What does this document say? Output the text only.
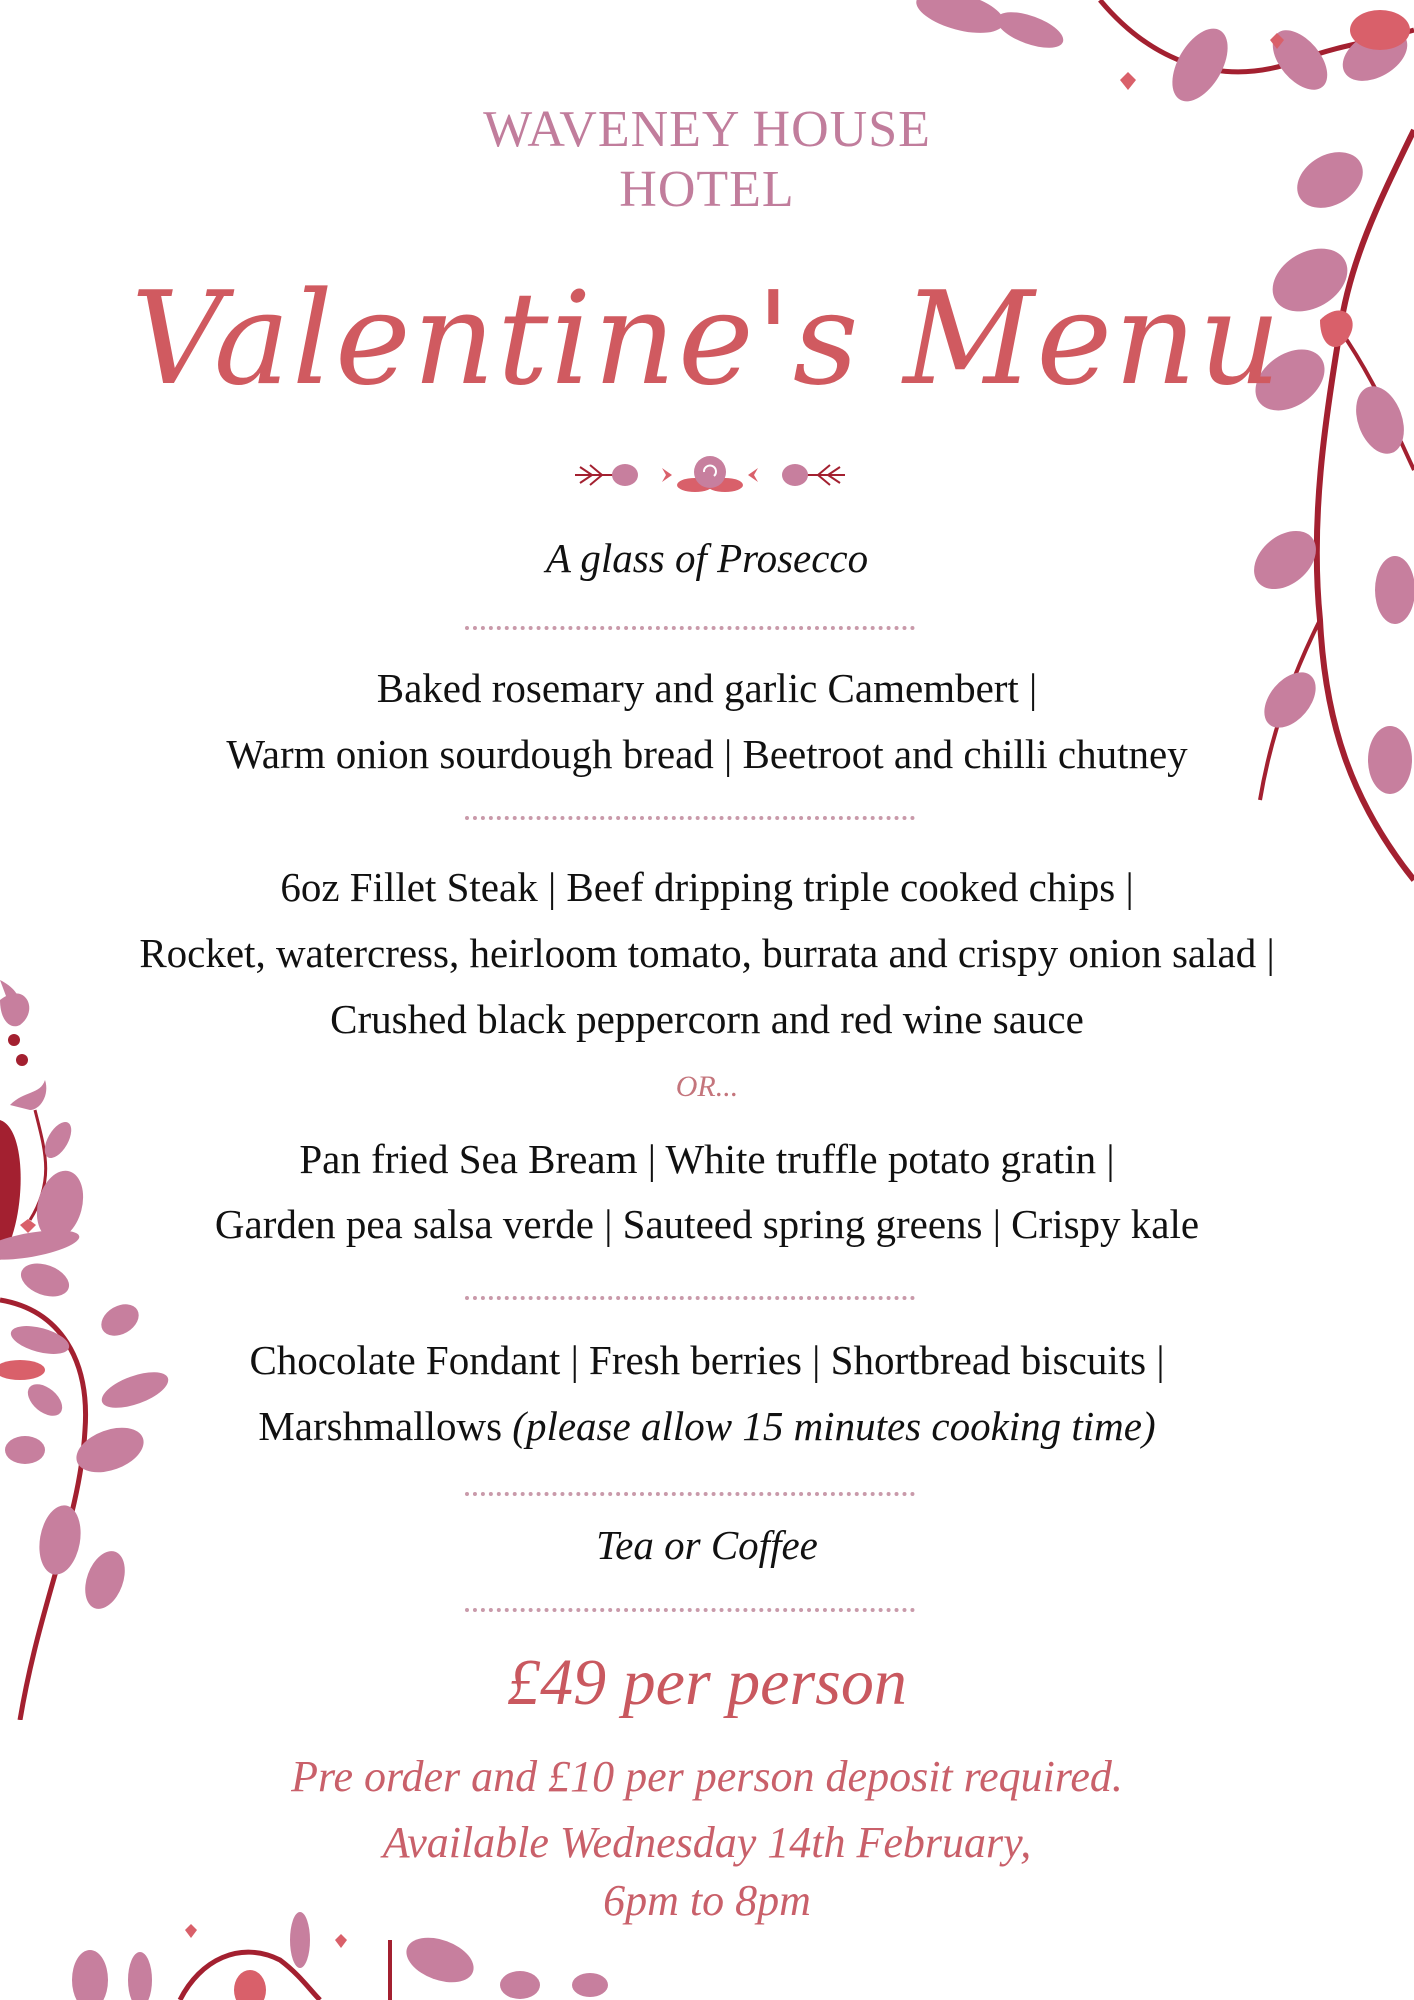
WAVENEY HOUSE
HOTEL
Valentine's Menu
A glass of Prosecco
Baked rosemary and garlic Camembert |
Warm onion sourdough bread | Beetroot and chilli chutney
6oz Fillet Steak | Beef dripping triple cooked chips |
Rocket, watercress, heirloom tomato, burrata and crispy onion salad |
Crushed black peppercorn and red wine sauce
OR...
Pan fried Sea Bream | White truffle potato gratin |
Garden pea salsa verde | Sauteed spring greens | Crispy kale
Chocolate Fondant | Fresh berries | Shortbread biscuits |
Marshmallows (please allow 15 minutes cooking time)
Tea or Coffee
£49 per person
Pre order and £10 per person deposit required.
Available Wednesday 14th February,
6pm to 8pm
